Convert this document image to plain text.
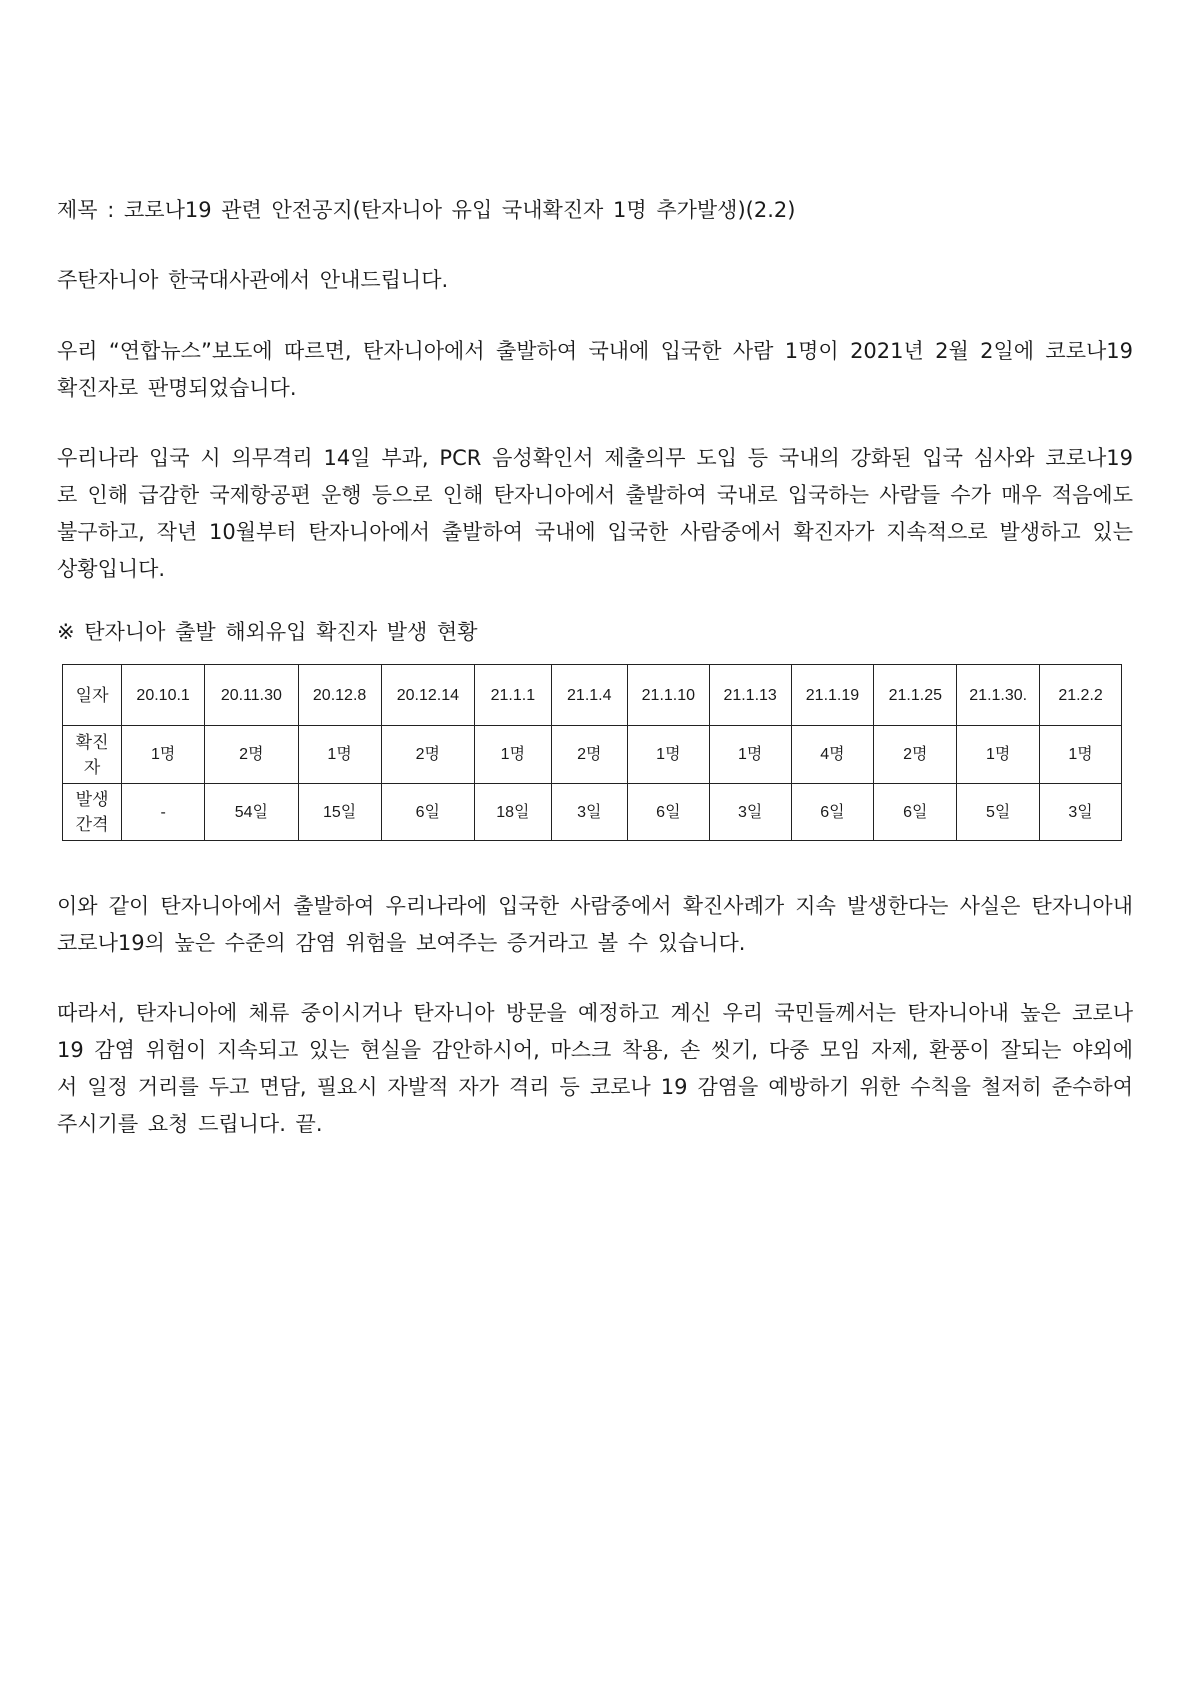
제목 : 코로나19 관련 안전공지(탄자니아 유입 국내확진자 1명 추가발생)(2.2)

주탄자니아 한국대사관에서 안내드립니다.

우리 “연합뉴스”보도에 따르면, 탄자니아에서 출발하여 국내에 입국한 사람 1명이 2021년 2월 2일에 코로나19 확진자로 판명되었습니다.

우리나라 입국 시 의무격리 14일 부과, PCR 음성확인서 제출의무 도입 등 국내의 강화된 입국 심사와 코로나19로 인해 급감한 국제항공편 운행 등으로 인해 탄자니아에서 출발하여 국내로 입국하는 사람들 수가 매우 적음에도 불구하고, 작년 10월부터 탄자니아에서 출발하여 국내에 입국한 사람중에서 확진자가 지속적으로 발생하고 있는 상황입니다.

※ 탄자니아 출발 해외유입 확진자 발생 현황

일자	20.10.1	20.11.30	20.12.8	20.12.14	21.1.1	21.1.4	21.1.10	21.1.13	21.1.19	21.1.25	21.1.30.	21.2.2
확진
자	1명	2명	1명	2명	1명	2명	1명	1명	4명	2명	1명	1명
발생
간격	-	54일	15일	6일	18일	3일	6일	3일	6일	6일	5일	3일

이와 같이 탄자니아에서 출발하여 우리나라에 입국한 사람중에서 확진사례가 지속 발생한다는 사실은 탄자니아내 코로나19의 높은 수준의 감염 위험을 보여주는 증거라고 볼 수 있습니다.

따라서, 탄자니아에 체류 중이시거나 탄자니아 방문을 예정하고 계신 우리 국민들께서는 탄자니아내 높은 코로나19 감염 위험이 지속되고 있는 현실을 감안하시어, 마스크 착용, 손 씻기, 다중 모임 자제, 환풍이 잘되는 야외에서 일정 거리를 두고 면담, 필요시 자발적 자가 격리 등 코로나 19 감염을 예방하기 위한 수칙을 철저히 준수하여 주시기를 요청 드립니다. 끝.
